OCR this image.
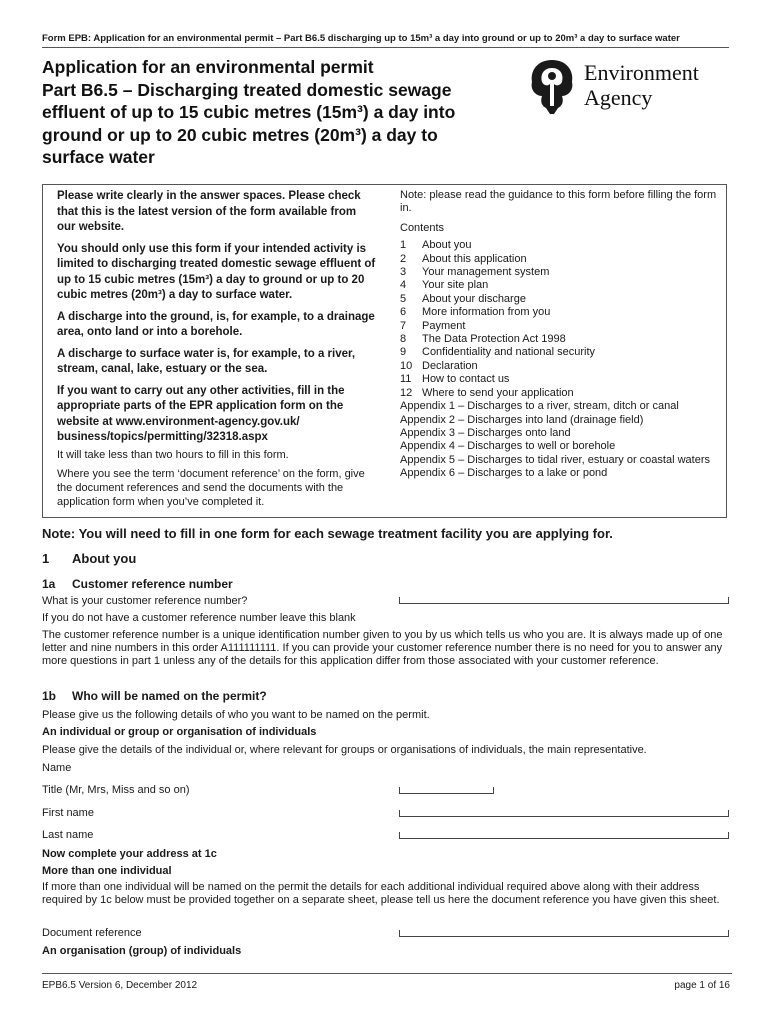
Form EPB: Application for an environmental permit – Part B6.5 discharging up to 15m³ a day into ground or up to 20m³ a day to surface water
Application for an environmental permit
Part B6.5 – Discharging treated domestic sewage
effluent of up to 15 cubic metres (15m³) a day into
ground or up to 20 cubic metres (20m³) a day to
surface water
Environment
Agency

Please write clearly in the answer spaces. Please check that this is the latest version of the form available from our website.

You should only use this form if your intended activity is limited to discharging treated domestic sewage effluent of up to 15 cubic metres (15m³) a day to ground or up to 20 cubic metres (20m³) a day to surface water.

A discharge into the ground, is, for example, to a drainage area, onto land or into a borehole.

A discharge to surface water is, for example, to a river, stream, canal, lake, estuary or the sea.

If you want to carry out any other activities, fill in the appropriate parts of the EPR application form on the website at www.environment-agency.gov.uk/ business/topics/permitting/32318.aspx

It will take less than two hours to fill in this form.

Where you see the term ‘document reference’ on the form, give the document references and send the documents with the application form when you’ve completed it.

Note: please read the guidance to this form before filling the form in.

Contents

1	About you
2	About this application
3	Your management system
4	Your site plan
5	About your discharge
6	More information from you
7	Payment
8	The Data Protection Act 1998
9	Confidentiality and national security
10 Declaration
11 How to contact us
12 Where to send your application
Appendix 1 – Discharges to a river, stream, ditch or canal
Appendix 2 – Discharges into land (drainage field)
Appendix 3 – Discharges onto land
Appendix 4 – Discharges to well or borehole
Appendix 5 – Discharges to tidal river, estuary or coastal waters
Appendix 6 – Discharges to a lake or pond
Note: You will need to fill in one form for each sewage treatment facility you are applying for.
1 About you
1a Customer reference number
What is your customer reference number?
If you do not have a customer reference number leave this blank
The customer reference number is a unique identification number given to you by us which tells us who you are. It is always made up of one letter and nine numbers in this order A111111111. If you can provide your customer reference number there is no need for you to answer any more questions in part 1 unless any of the details for this application differ from those associated with your customer reference.
1b Who will be named on the permit?
Please give us the following details of who you want to be named on the permit.
An individual or group or organisation of individuals
Please give the details of the individual or, where relevant for groups or organisations of individuals, the main representative.
Name
Title (Mr, Mrs, Miss and so on)
First name
Last name
Now complete your address at 1c
More than one individual
If more than one individual will be named on the permit the details for each additional individual required above along with their address required by 1c below must be provided together on a separate sheet, please tell us here the document reference you have given this sheet.
Document reference
An organisation (group) of individuals
EPB6.5 Version 6, December 2012	page 1 of 16
